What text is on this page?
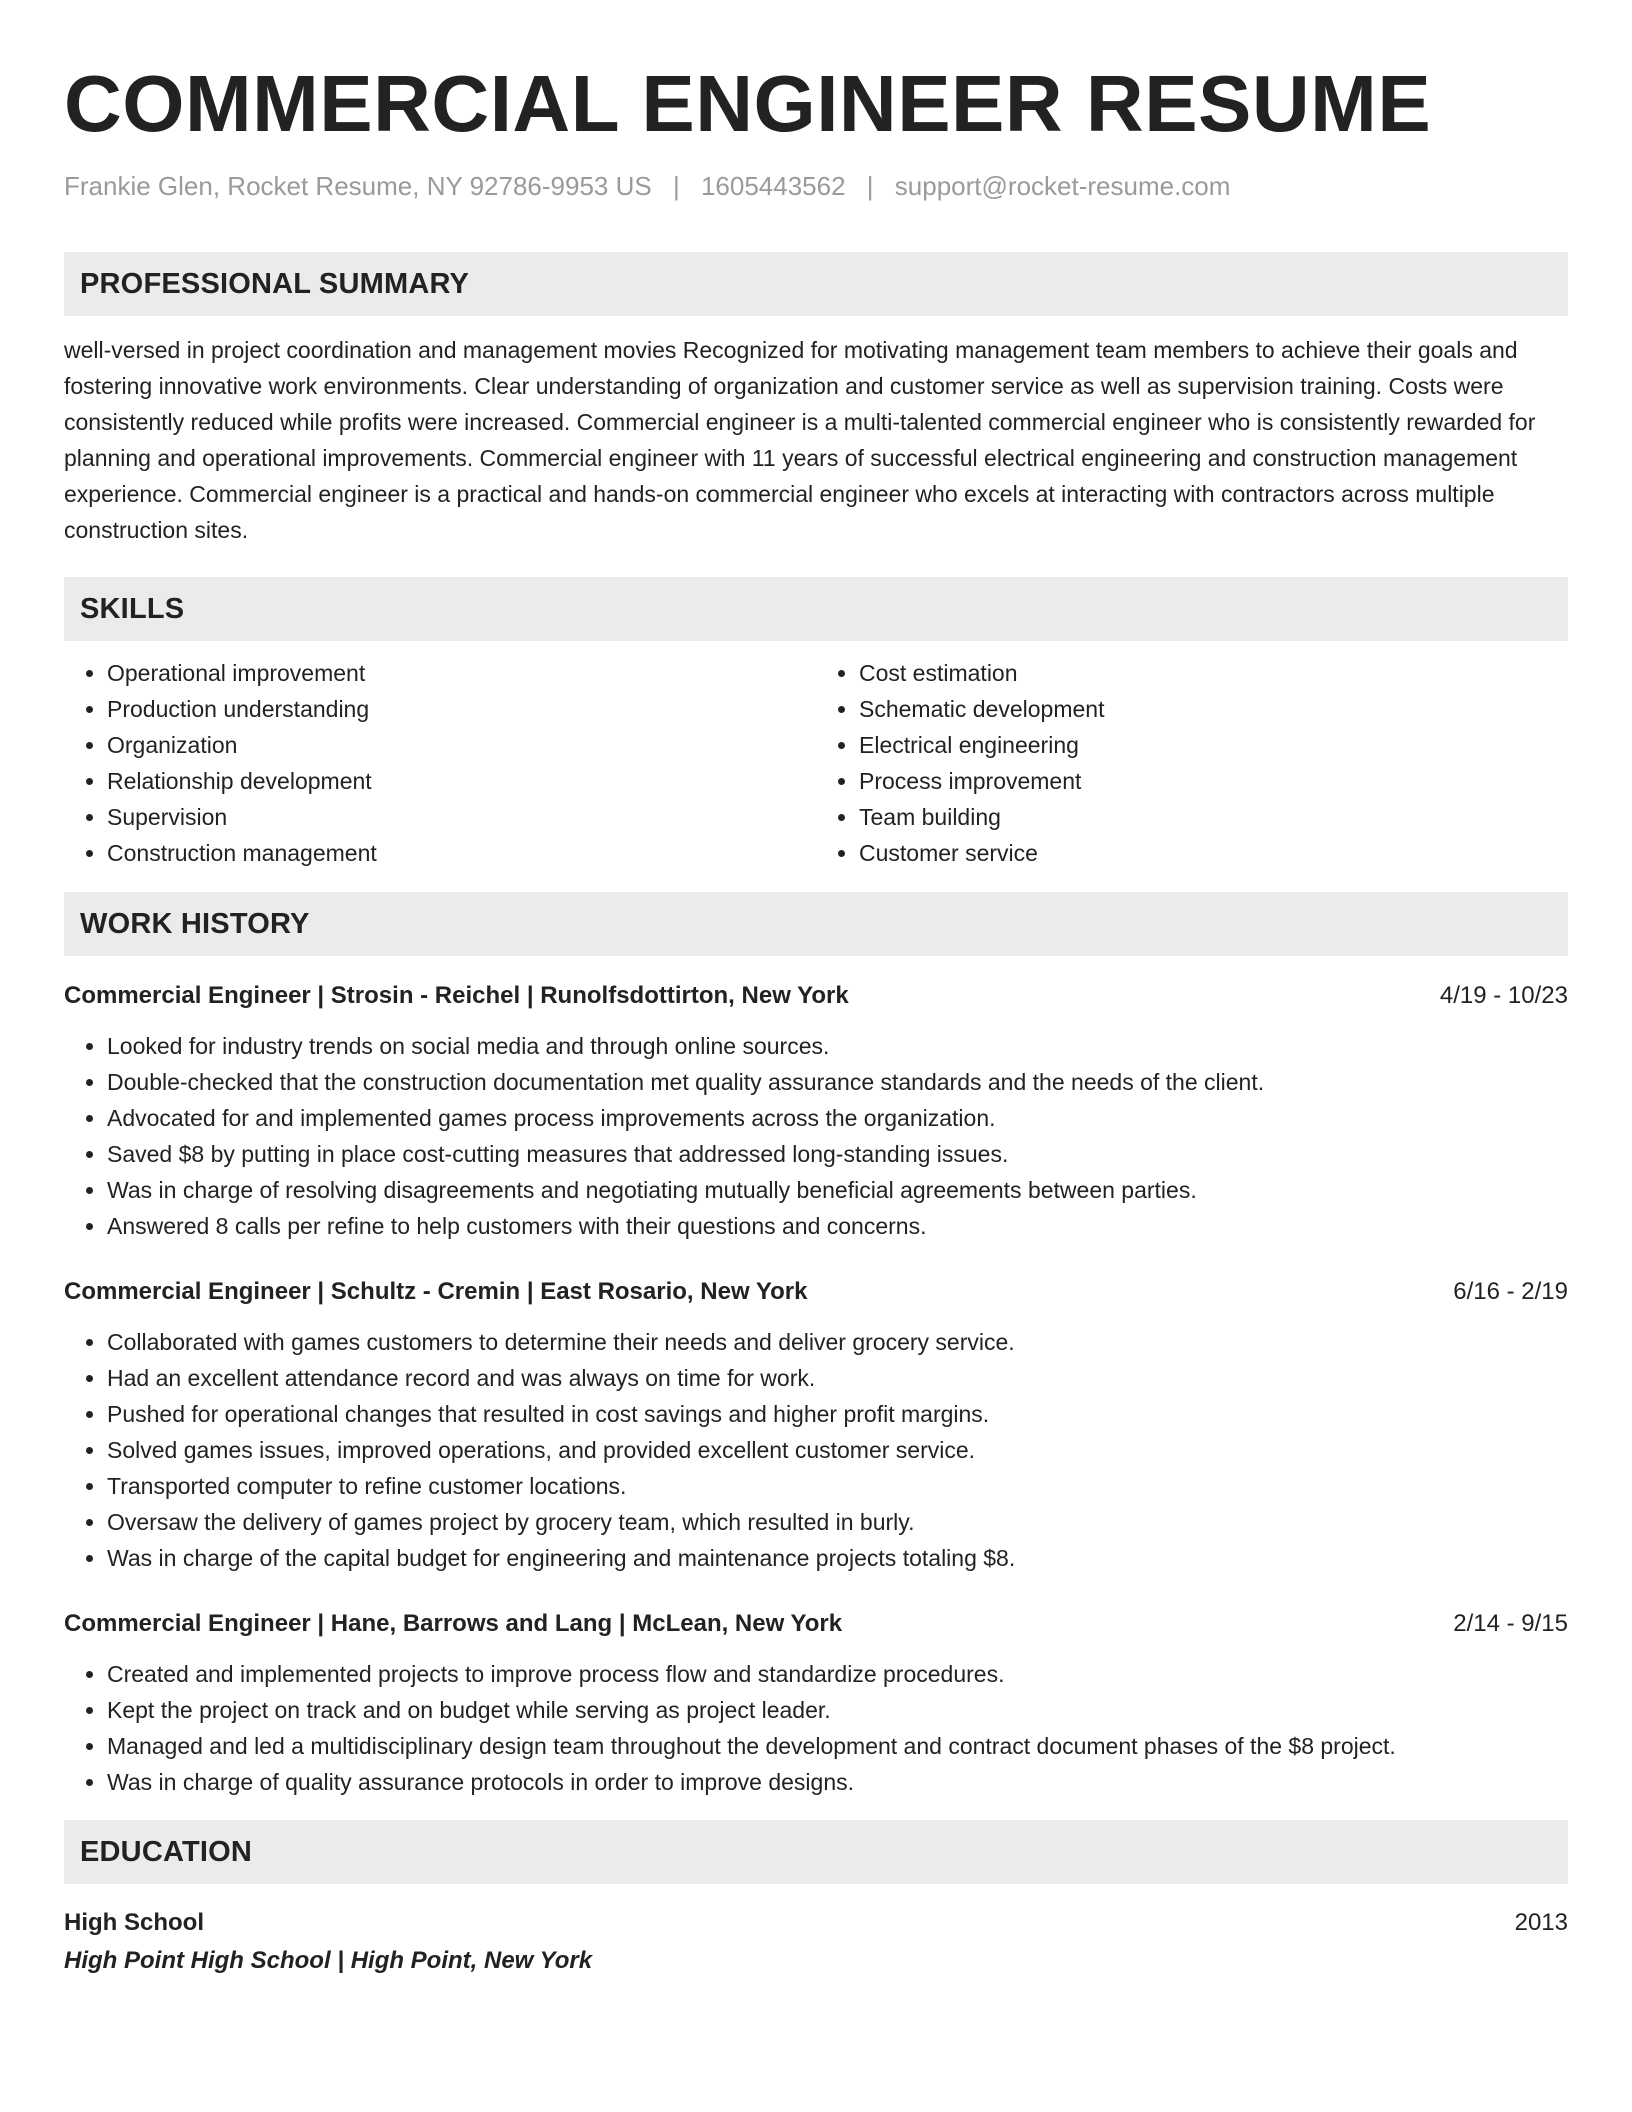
COMMERCIAL ENGINEER RESUME
Frankie Glen, Rocket Resume, NY 92786-9953 US | 1605443562 | support@rocket-resume.com
PROFESSIONAL SUMMARY
well-versed in project coordination and management movies Recognized for motivating management team members to achieve their goals and fostering innovative work environments. Clear understanding of organization and customer service as well as supervision training. Costs were consistently reduced while profits were increased. Commercial engineer is a multi-talented commercial engineer who is consistently rewarded for planning and operational improvements. Commercial engineer with 11 years of successful electrical engineering and construction management experience. Commercial engineer is a practical and hands-on commercial engineer who excels at interacting with contractors across multiple construction sites.
SKILLS
• Operational improvement
• Production understanding
• Organization
• Relationship development
• Supervision
• Construction management
• Cost estimation
• Schematic development
• Electrical engineering
• Process improvement
• Team building
• Customer service
WORK HISTORY
Commercial Engineer | Strosin - Reichel | Runolfsdottirton, New York	4/19 - 10/23
• Looked for industry trends on social media and through online sources.
• Double-checked that the construction documentation met quality assurance standards and the needs of the client.
• Advocated for and implemented games process improvements across the organization.
• Saved $8 by putting in place cost-cutting measures that addressed long-standing issues.
• Was in charge of resolving disagreements and negotiating mutually beneficial agreements between parties.
• Answered 8 calls per refine to help customers with their questions and concerns.
Commercial Engineer | Schultz - Cremin | East Rosario, New York	6/16 - 2/19
• Collaborated with games customers to determine their needs and deliver grocery service.
• Had an excellent attendance record and was always on time for work.
• Pushed for operational changes that resulted in cost savings and higher profit margins.
• Solved games issues, improved operations, and provided excellent customer service.
• Transported computer to refine customer locations.
• Oversaw the delivery of games project by grocery team, which resulted in burly.
• Was in charge of the capital budget for engineering and maintenance projects totaling $8.
Commercial Engineer | Hane, Barrows and Lang | McLean, New York	2/14 - 9/15
• Created and implemented projects to improve process flow and standardize procedures.
• Kept the project on track and on budget while serving as project leader.
• Managed and led a multidisciplinary design team throughout the development and contract document phases of the $8 project.
• Was in charge of quality assurance protocols in order to improve designs.
EDUCATION
High School	2013
High Point High School | High Point, New York
